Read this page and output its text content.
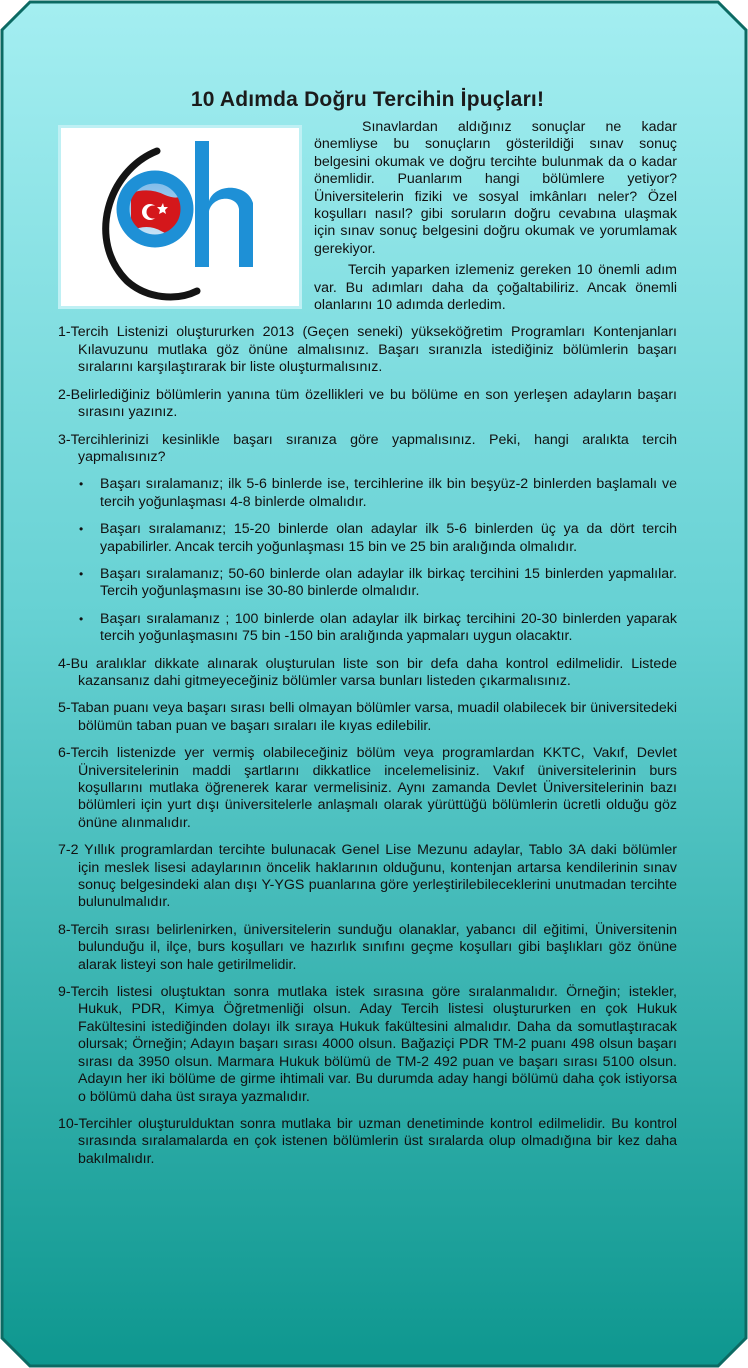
10 Adımda Doğru Tercihin İpuçları!

Sınavlardan aldığınız sonuçlar ne kadar önemliyse bu sonuçların gösterildiği sınav sonuç belgesini okumak ve doğru tercihte bulunmak da o kadar önemlidir. Puanlarım hangi bölümlere yetiyor? Üniversitelerin fiziki ve sosyal imkânları neler? Özel koşulları nasıl? gibi soruların doğru cevabına ulaşmak için sınav sonuç belgesini doğru okumak ve yorumlamak gerekiyor.

Tercih yaparken izlemeniz gereken 10 önemli adım var. Bu adımları daha da çoğaltabiliriz. Ancak önemli olanlarını 10 adımda derledim.

1-Tercih Listenizi oluştururken 2013 (Geçen seneki) yükseköğretim Programları Kontenjanları Kılavuzunu mutlaka göz önüne almalısınız. Başarı sıranızla istediğiniz bölümlerin başarı sıralarını karşılaştırarak bir liste oluşturmalısınız.

2-Belirlediğiniz bölümlerin yanına tüm özellikleri ve bu bölüme en son yerleşen adayların başarı sırasını yazınız.

3-Tercihlerinizi kesinlikle başarı sıranıza göre yapmalısınız. Peki, hangi aralıkta tercih yapmalısınız?

• Başarı sıralamanız; ilk 5-6 binlerde ise, tercihlerine ilk bin beşyüz-2 binlerden başlamalı ve tercih yoğunlaşması 4-8 binlerde olmalıdır.
• Başarı sıralamanız; 15-20 binlerde olan adaylar ilk 5-6 binlerden üç ya da dört tercih yapabilirler. Ancak tercih yoğunlaşması 15 bin ve 25 bin aralığında olmalıdır.
• Başarı sıralamanız; 50-60 binlerde olan adaylar ilk birkaç tercihini 15 binlerden yapmalılar. Tercih yoğunlaşmasını ise 30-80 binlerde olmalıdır.
• Başarı sıralamanız ; 100 binlerde olan adaylar ilk birkaç tercihini 20-30 binlerden yaparak tercih yoğunlaşmasını 75 bin -150 bin aralığında yapmaları uygun olacaktır.

4-Bu aralıklar dikkate alınarak oluşturulan liste son bir defa daha kontrol edilmelidir. Listede kazansanız dahi gitmeyeceğiniz bölümler varsa bunları listeden çıkarmalısınız.

5-Taban puanı veya başarı sırası belli olmayan bölümler varsa, muadil olabilecek bir üniversitedeki bölümün taban puan ve başarı sıraları ile kıyas edilebilir.

6-Tercih listenizde yer vermiş olabileceğiniz bölüm veya programlardan KKTC, Vakıf, Devlet Üniversitelerinin maddi şartlarını dikkatlice incelemelisiniz. Vakıf üniversitelerinin burs koşullarını mutlaka öğrenerek karar vermelisiniz. Aynı zamanda Devlet Üniversitelerinin bazı bölümleri için yurt dışı üniversitelerle anlaşmalı olarak yürüttüğü bölümlerin ücretli olduğu göz önüne alınmalıdır.

7-2 Yıllık programlardan tercihte bulunacak Genel Lise Mezunu adaylar, Tablo 3A daki bölümler için meslek lisesi adaylarının öncelik haklarının olduğunu, kontenjan artarsa kendilerinin sınav sonuç belgesindeki alan dışı Y-YGS puanlarına göre yerleştirilebileceklerini unutmadan tercihte bulunulmalıdır.

8-Tercih sırası belirlenirken, üniversitelerin sunduğu olanaklar, yabancı dil eğitimi, Üniversitenin bulunduğu il, ilçe, burs koşulları ve hazırlık sınıfını geçme koşulları gibi başlıkları göz önüne alarak listeyi son hale getirilmelidir.

9-Tercih listesi oluştuktan sonra mutlaka istek sırasına göre sıralanmalıdır. Örneğin; istekler, Hukuk, PDR, Kimya Öğretmenliği olsun. Aday Tercih listesi oluştururken en çok Hukuk Fakültesini istediğinden dolayı ilk sıraya Hukuk fakültesini almalıdır. Daha da somutlaştıracak olursak; Örneğin; Adayın başarı sırası 4000 olsun. Bağaziçi PDR TM-2 puanı 498 olsun başarı sırası da 3950 olsun. Marmara Hukuk bölümü de TM-2 492 puan ve başarı sırası 5100 olsun. Adayın her iki bölüme de girme ihtimali var. Bu durumda aday hangi bölümü daha çok istiyorsa o bölümü daha üst sıraya yazmalıdır.

10-Tercihler oluşturulduktan sonra mutlaka bir uzman denetiminde kontrol edilmelidir. Bu kontrol sırasında sıralamalarda en çok istenen bölümlerin üst sıralarda olup olmadığına bir kez daha bakılmalıdır.
